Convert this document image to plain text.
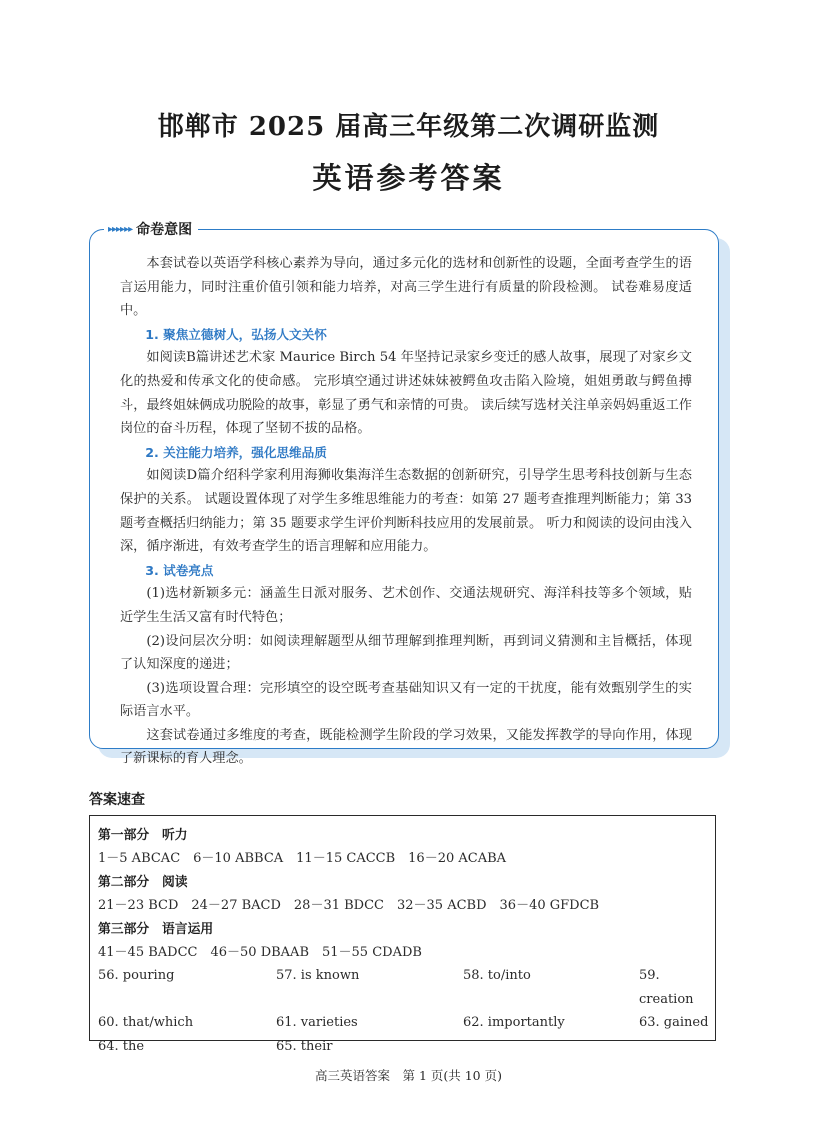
邯郸市 2025 届高三年级第二次调研监测
英语参考答案
▸▸▸▸▸▸ 命卷意图

本套试卷以英语学科核心素养为导向，通过多元化的选材和创新性的设题，全面考查学生的语言运用能力，同时注重价值引领和能力培养，对高三学生进行有质量的阶段检测。 试卷难易度适中。

1. 聚焦立德树人，弘扬人文关怀

如阅读B篇讲述艺术家 Maurice Birch 54 年坚持记录家乡变迁的感人故事，展现了对家乡文化的热爱和传承文化的使命感。 完形填空通过讲述妹妹被鳄鱼攻击陷入险境，姐姐勇敢与鳄鱼搏斗，最终姐妹俩成功脱险的故事，彰显了勇气和亲情的可贵。 读后续写选材关注单亲妈妈重返工作岗位的奋斗历程，体现了坚韧不拔的品格。

2. 关注能力培养，强化思维品质

如阅读D篇介绍科学家利用海狮收集海洋生态数据的创新研究，引导学生思考科技创新与生态保护的关系。 试题设置体现了对学生多维思维能力的考查：如第 27 题考查推理判断能力；第 33 题考查概括归纳能力；第 35 题要求学生评价判断科技应用的发展前景。 听力和阅读的设问由浅入深，循序渐进，有效考查学生的语言理解和应用能力。

3. 试卷亮点

(1)选材新颖多元：涵盖生日派对服务、艺术创作、交通法规研究、海洋科技等多个领域，贴近学生生活又富有时代特色；

(2)设问层次分明：如阅读理解题型从细节理解到推理判断，再到词义猜测和主旨概括，体现了认知深度的递进；

(3)选项设置合理：完形填空的设空既考查基础知识又有一定的干扰度，能有效甄别学生的实际语言水平。

这套试卷通过多维度的考查，既能检测学生阶段的学习效果，又能发挥教学的导向作用，体现了新课标的育人理念。

答案速查
第一部分　听力
1－5 ABCAC　6－10 ABBCA　11－15 CACCB　16－20 ACABA
第二部分　阅读
21－23 BCD　24－27 BACD　28－31 BDCC　32－35 ACBD　36－40 GFDCB
第三部分　语言运用
41－45 BADCC　46－50 DBAAB　51－55 CDADB
56. pouring	57. is known	58. to/into	59. creation
60. that/which	61. varieties	62. importantly	63. gained
64. the	65. their
高三英语答案　第 1 页(共 10 页)
